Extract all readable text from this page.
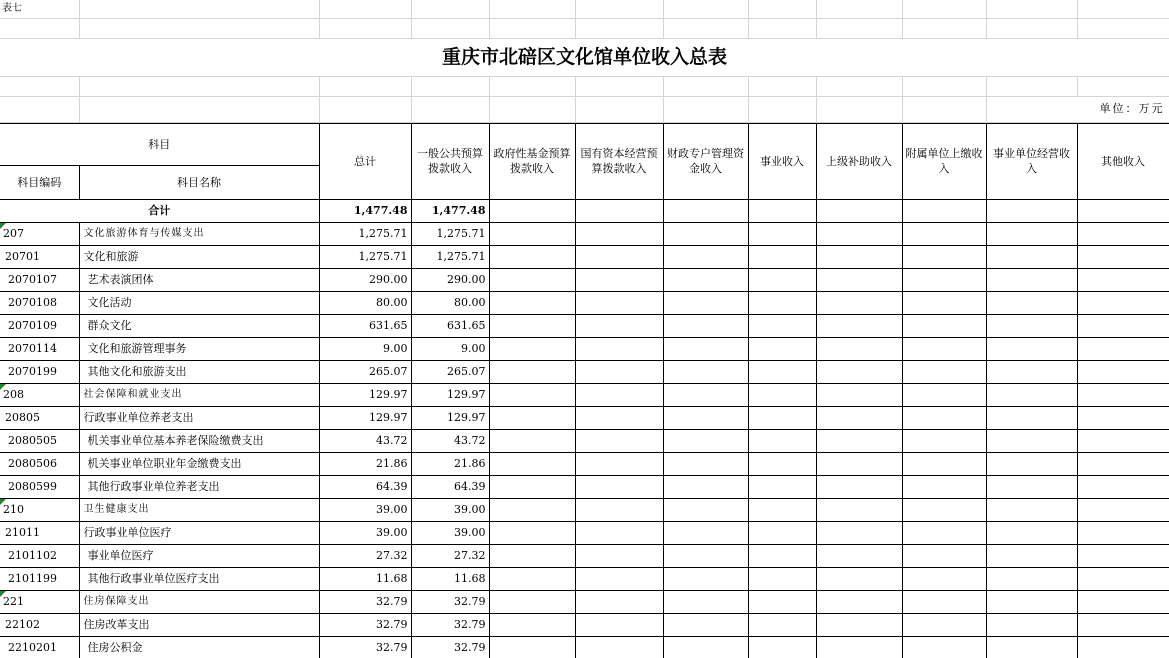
表七											

重庆市北碚区文化馆单位收入总表											

										单位：万元	
科目		总计	一般公共预算拨款收入	政府性基金预算拨款收入	国有资本经营预算拨款收入	财政专户管理资金收入	事业收入	上级补助收入	附属单位上缴收入	事业单位经营收入	其他收入
科目编码	科目名称										
合计		1,477.48	1,477.48								
207	文化旅游体育与传媒支出	1,275.71	1,275.71								
20701	文化和旅游	1,275.71	1,275.71								
2070107	艺术表演团体	290.00	290.00								
2070108	文化活动	80.00	80.00								
2070109	群众文化	631.65	631.65								
2070114	文化和旅游管理事务	9.00	9.00								
2070199	其他文化和旅游支出	265.07	265.07								
208	社会保障和就业支出	129.97	129.97								
20805	行政事业单位养老支出	129.97	129.97								
2080505	机关事业单位基本养老保险缴费支出	43.72	43.72								
2080506	机关事业单位职业年金缴费支出	21.86	21.86								
2080599	其他行政事业单位养老支出	64.39	64.39								
210	卫生健康支出	39.00	39.00								
21011	行政事业单位医疗	39.00	39.00								
2101102	事业单位医疗	27.32	27.32								
2101199	其他行政事业单位医疗支出	11.68	11.68								
221	住房保障支出	32.79	32.79								
22102	住房改革支出	32.79	32.79								
2210201	住房公积金	32.79	32.79								
